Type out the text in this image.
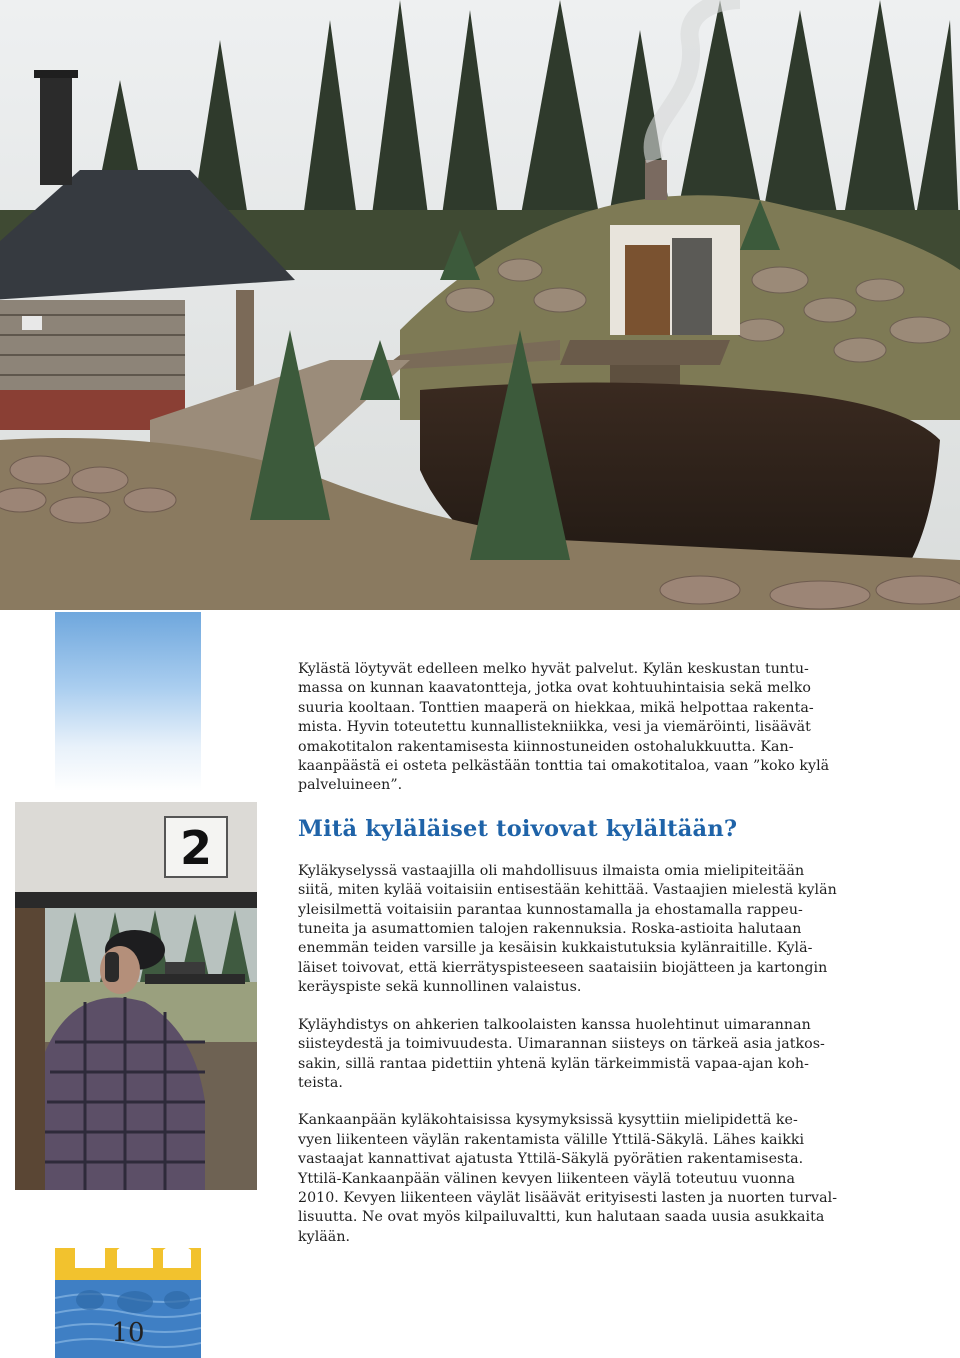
2
10

Kylästä löytyvät edelleen melko hyvät palvelut. Kylän keskustan tuntu-
massa on kunnan kaavatontteja, jotka ovat kohtuuhintaisia sekä melko
suuria kooltaan. Tonttien maaperä on hiekkaa, mikä helpottaa rakenta-
mista. Hyvin toteutettu kunnallistekniikka, vesi ja viemäröinti, lisäävät
omakotitalon rakentamisesta kiinnostuneiden ostohalukkuutta. Kan-
kaanpäästä ei osteta pelkästään tonttia tai omakotitaloa, vaan ”koko kylä
palveluineen”.

Mitä kyläläiset toivovat kylältään?

Kyläkyselyssä vastaajilla oli mahdollisuus ilmaista omia mielipiteitään
siitä, miten kylää voitaisiin entisestään kehittää. Vastaajien mielestä kylän
yleisilmettä voitaisiin parantaa kunnostamalla ja ehostamalla rappeu-
tuneita ja asumattomien talojen rakennuksia. Roska-astioita halutaan
enemmän teiden varsille ja kesäisin kukkaistutuksia kylänraitille. Kylä-
läiset toivovat, että kierrätyspisteeseen saataisiin biojätteen ja kartongin
keräyspiste sekä kunnollinen valaistus.

Kyläyhdistys on ahkerien talkoolaisten kanssa huolehtinut uimarannan
siisteydestä ja toimivuudesta. Uimarannan siisteys on tärkeä asia jatkos-
sakin, sillä rantaa pidettiin yhtenä kylän tärkeimmistä vapaa-ajan koh-
teista.

Kankaanpään kyläkohtaisissa kysymyksissä kysyttiin mielipidettä ke-
vyen liikenteen väylän rakentamista välille Yttilä-Säkylä. Lähes kaikki
vastaajat kannattivat ajatusta Yttilä-Säkylä pyörätien rakentamisesta.
Yttilä-Kankaanpään välinen kevyen liikenteen väylä toteutuu vuonna
2010. Kevyen liikenteen väylät lisäävät erityisesti lasten ja nuorten turval-
lisuutta. Ne ovat myös kilpailuvaltti, kun halutaan saada uusia asukkaita
kylään.
